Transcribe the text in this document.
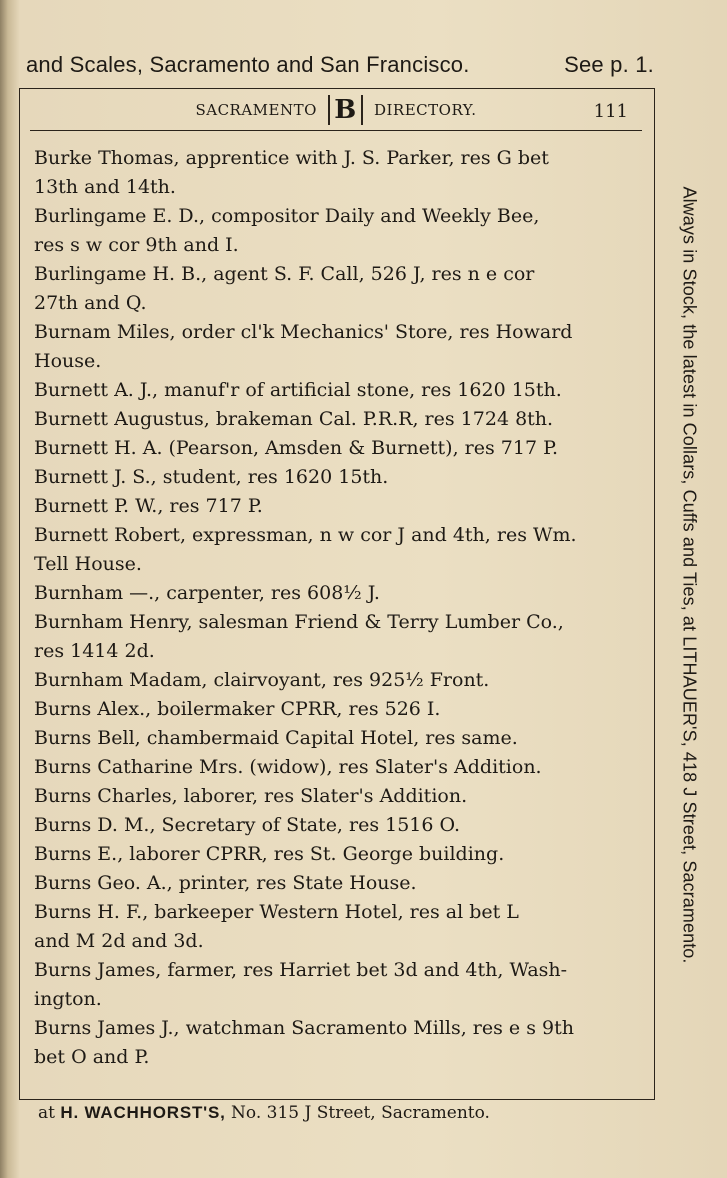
and Scales, Sacramento and San Francisco.	See p. 1.
SACRAMENTO B DIRECTORY.	111
Burke Thomas, apprentice with J. S. Parker, res G bet
13th and 14th.
Burlingame E. D., compositor Daily and Weekly Bee,
res s w cor 9th and I.
Burlingame H. B., agent S. F. Call, 526 J, res n e cor
27th and Q.
Burnam Miles, order cl'k Mechanics' Store, res Howard
House.
Burnett A. J., manuf'r of artificial stone, res 1620 15th.
Burnett Augustus, brakeman Cal. P.R.R, res 1724 8th.
Burnett H. A. (Pearson, Amsden & Burnett), res 717 P.
Burnett J. S., student, res 1620 15th.
Burnett P. W., res 717 P.
Burnett Robert, expressman, n w cor J and 4th, res Wm.
Tell House.
Burnham —., carpenter, res 608½ J.
Burnham Henry, salesman Friend & Terry Lumber Co.,
res 1414 2d.
Burnham Madam, clairvoyant, res 925½ Front.
Burns Alex., boilermaker CPRR, res 526 I.
Burns Bell, chambermaid Capital Hotel, res same.
Burns Catharine Mrs. (widow), res Slater's Addition.
Burns Charles, laborer, res Slater's Addition.
Burns D. M., Secretary of State, res 1516 O.
Burns E., laborer CPRR, res St. George building.
Burns Geo. A., printer, res State House.
Burns H. F., barkeeper Western Hotel, res al bet L
and M 2d and 3d.
Burns James, farmer, res Harriet bet 3d and 4th, Wash-
ington.
Burns James J., watchman Sacramento Mills, res e s 9th
bet O and P.
Always in Stock, the latest in Collars, Cuffs and Ties, at LITHAUER'S, 418 J Street, Sacramento.
at H. WACHHORST'S, No. 315 J Street, Sacramento.
